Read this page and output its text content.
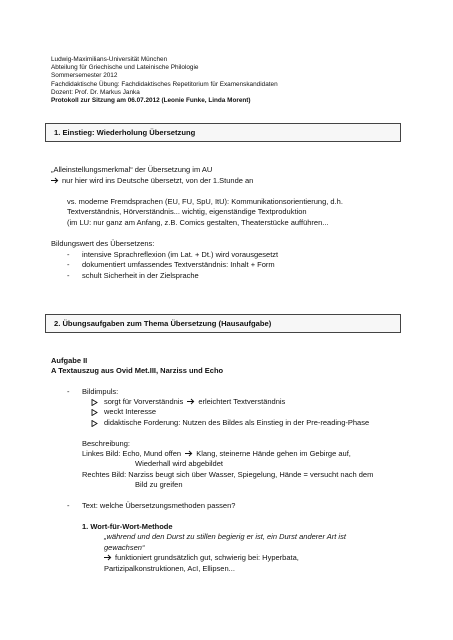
Ludwig-Maximilians-Universität München
Abteilung für Griechische und Lateinische Philologie
Sommersemester 2012
Fachdidaktische Übung: Fachdidaktisches Repetitorium für Examenskandidaten
Dozent: Prof. Dr. Markus Janka
Protokoll zur Sitzung am 06.07.2012 (Leonie Funke, Linda Morent)
1. Einstieg: Wiederholung Übersetzung
„Alleinstellungsmerkmal“ der Übersetzung im AU
nur hier wird ins Deutsche übersetzt, von der 1.Stunde an
vs. moderne Fremdsprachen (EU, FU, SpU, ItU): Kommunikationsorientierung, d.h.
Textverständnis, Hörverständnis... wichtig, eigenständige Textproduktion
(im LU: nur ganz am Anfang, z.B. Comics gestalten, Theaterstücke aufführen...
Bildungswert des Übersetzens:
- intensive Sprachreflexion (im Lat. + Dt.) wird vorausgesetzt
- dokumentiert umfassendes Textverständnis: Inhalt + Form
- schult Sicherheit in der Zielsprache
2. Übungsaufgaben zum Thema Übersetzung (Hausaufgabe)
Aufgabe II
A Textauszug aus Ovid Met.III, Narziss und Echo
- Bildimpuls:
sorgt für Vorverständnis erleichtert Textverständnis
weckt Interesse
didaktische Forderung: Nutzen des Bildes als Einstieg in der Pre-reading-Phase
Beschreibung:
Linkes Bild: Echo, Mund offen Klang, steinerne Hände gehen im Gebirge auf,
Wiederhall wird abgebildet
Rechtes Bild: Narziss beugt sich über Wasser, Spiegelung, Hände = versucht nach dem
Bild zu greifen
- Text: welche Übersetzungsmethoden passen?
1. Wort-für-Wort-Methode
„während und den Durst zu stillen begierig er ist, ein Durst anderer Art ist
gewachsen“
funktioniert grundsätzlich gut, schwierig bei: Hyperbata,
Partizipalkonstruktionen, AcI, Ellipsen...
